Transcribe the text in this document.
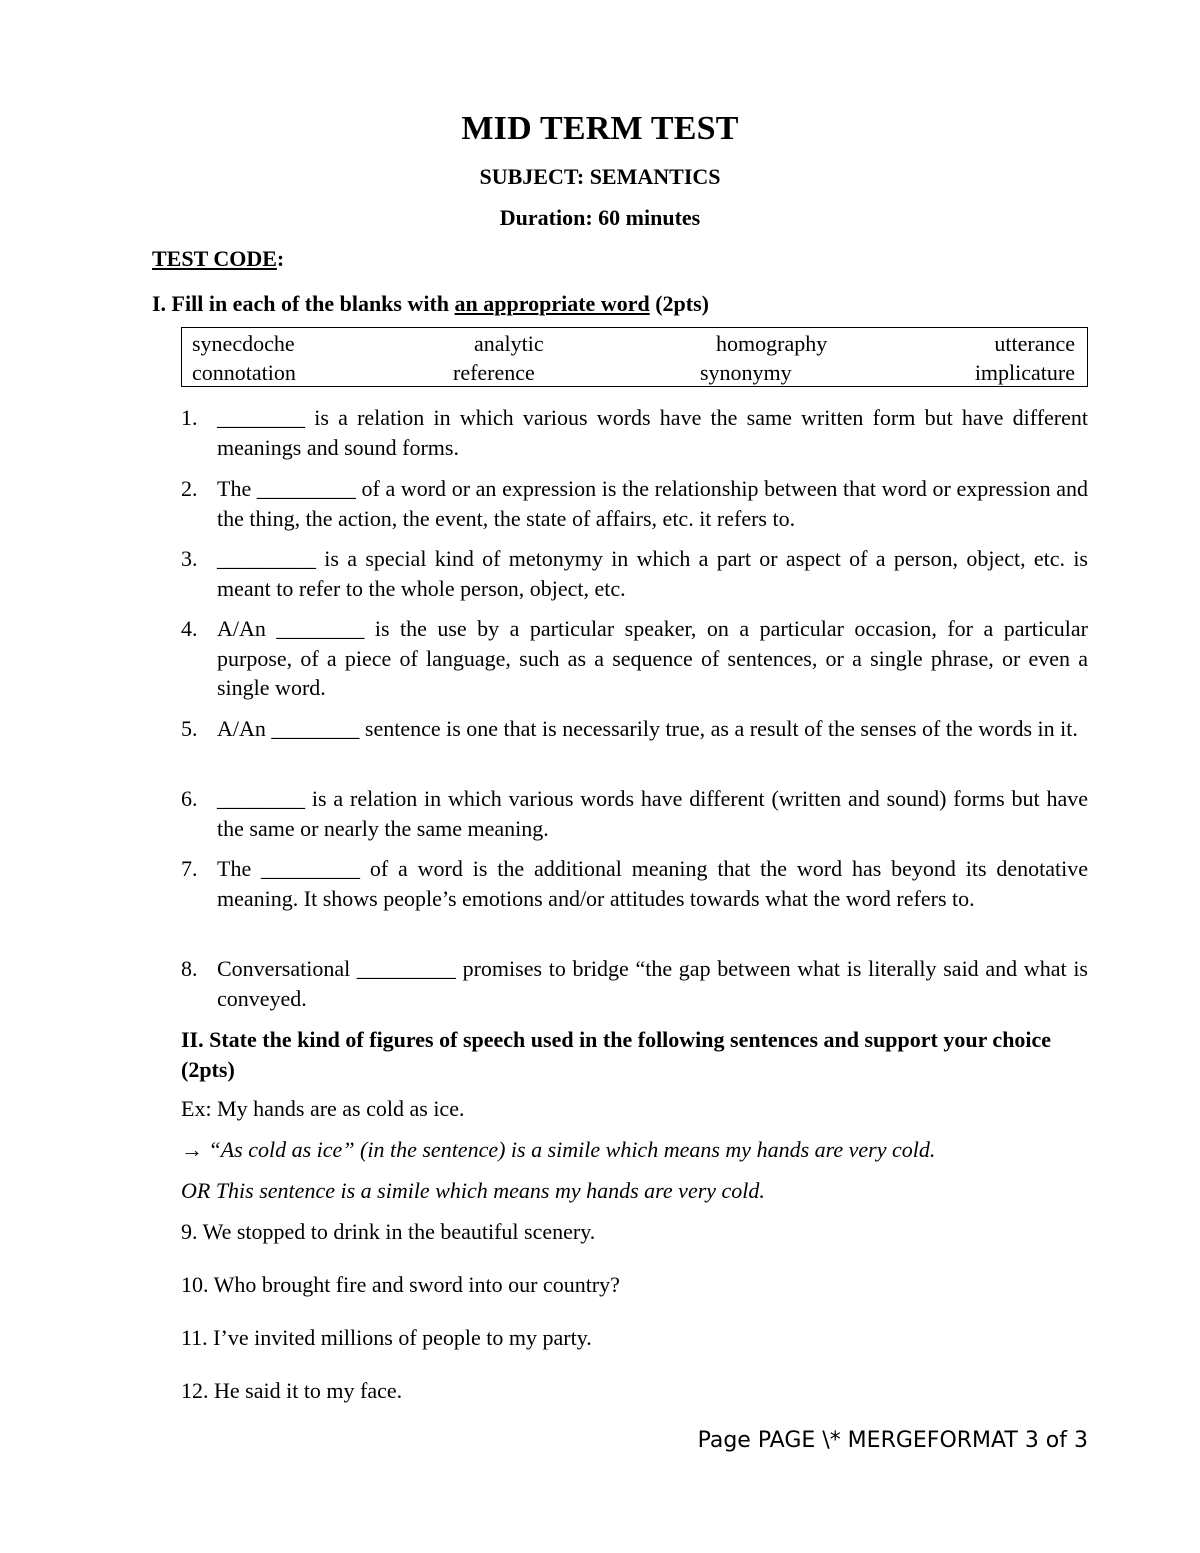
MID TERM TEST
SUBJECT: SEMANTICS
Duration: 60 minutes
TEST CODE:
I. Fill in each of the blanks with an appropriate word (2pts)
synecdoche	analytic	homography	utterance
connotation	reference	synonymy	implicature
1. ________ is a relation in which various words have the same written form but have different meanings and sound forms.
2. The _________ of a word or an expression is the relationship between that word or expression and the thing, the action, the event, the state of affairs, etc. it refers to.
3. _________ is a special kind of metonymy in which a part or aspect of a person, object, etc. is meant to refer to the whole person, object, etc.
4. A/An ________ is the use by a particular speaker, on a particular occasion, for a particular purpose, of a piece of language, such as a sequence of sentences, or a single phrase, or even a single word.
5. A/An ________ sentence is one that is necessarily true, as a result of the senses of the words in it.
6. ________ is a relation in which various words have different (written and sound) forms but have the same or nearly the same meaning.
7. The _________ of a word is the additional meaning that the word has beyond its denotative meaning. It shows people’s emotions and/or attitudes towards what the word refers to.
8. Conversational _________ promises to bridge “the gap between what is literally said and what is conveyed.
II. State the kind of figures of speech used in the following sentences and support your choice (2pts)
Ex: My hands are as cold as ice.
→ “As cold as ice” (in the sentence) is a simile which means my hands are very cold.
OR This sentence is a simile which means my hands are very cold.
9. We stopped to drink in the beautiful scenery.
10. Who brought fire and sword into our country?
11. I’ve invited millions of people to my party.
12. He said it to my face.
Page PAGE \* MERGEFORMAT 3 of 3
